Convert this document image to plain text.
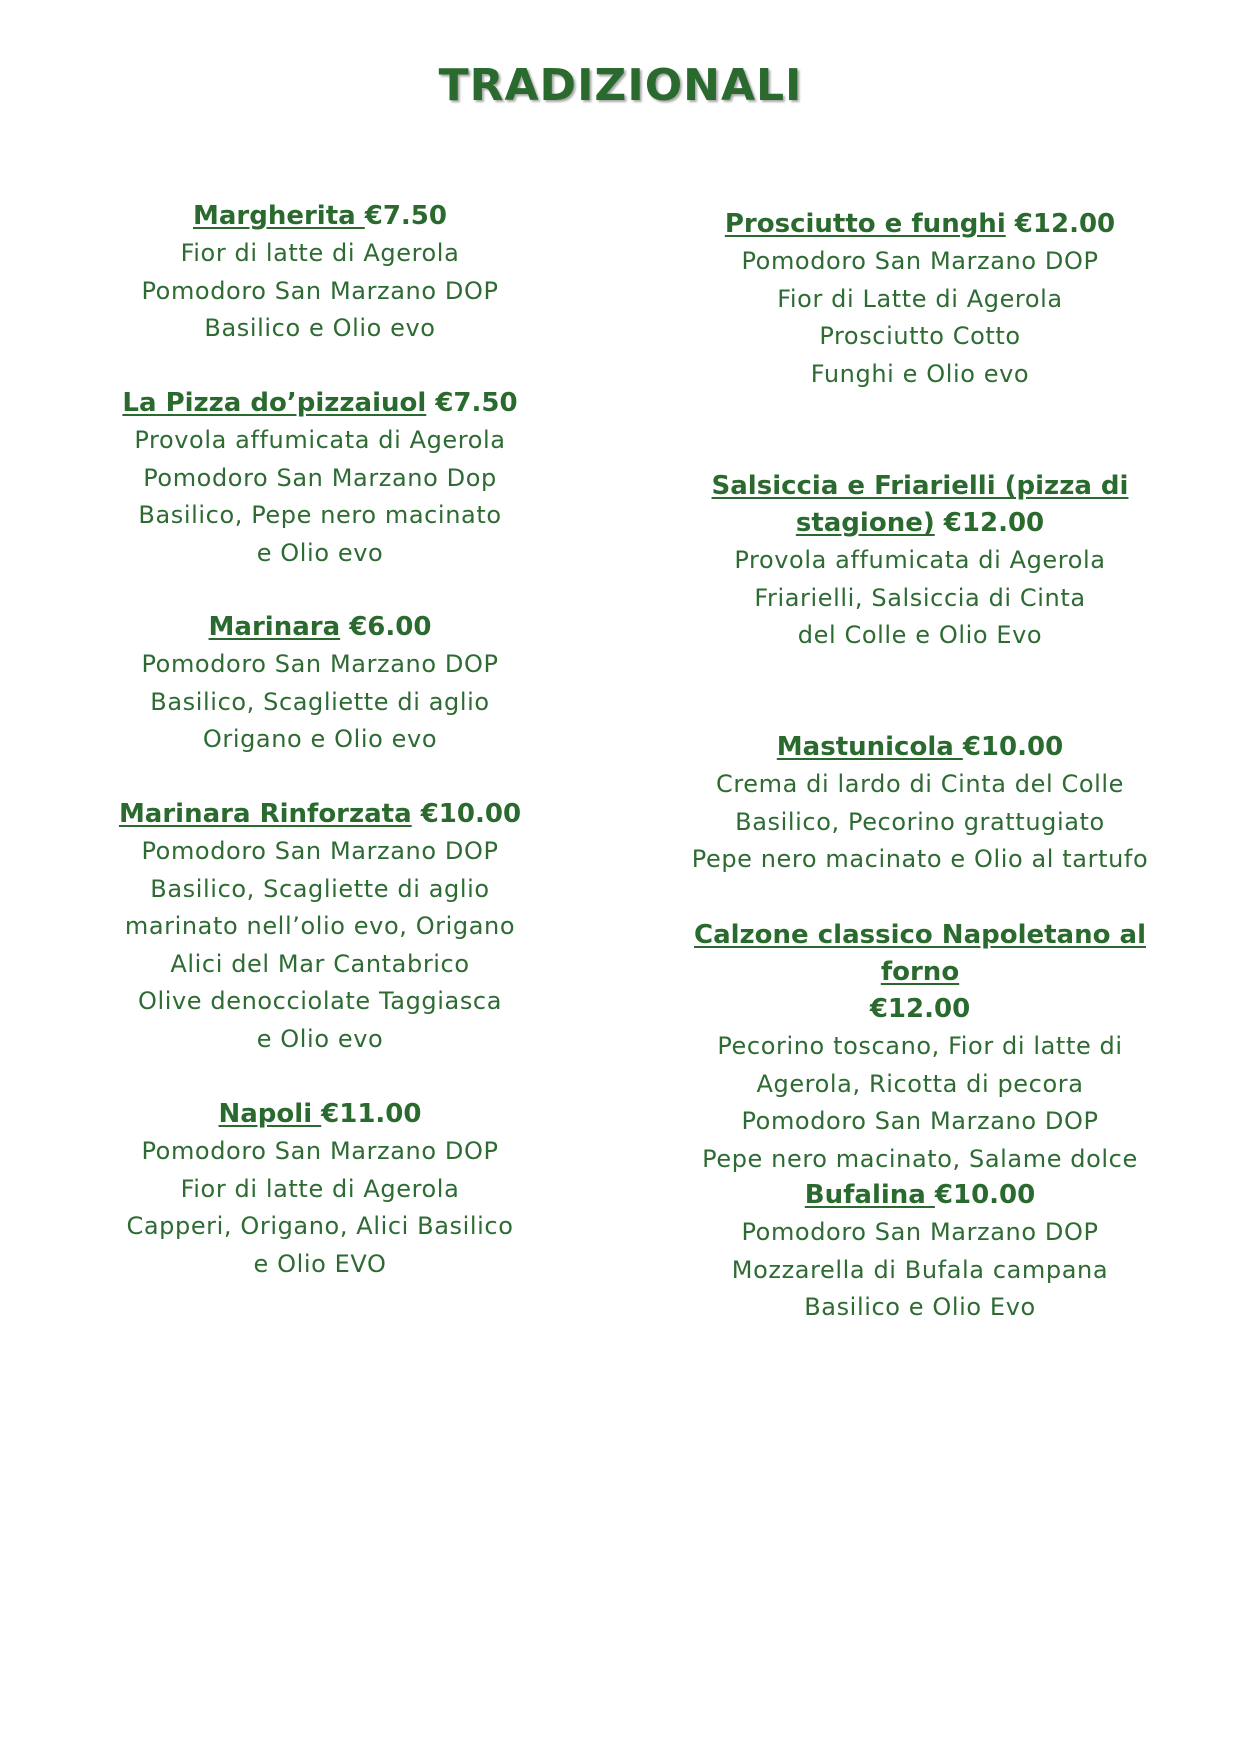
TRADIZIONALI
Margherita €7.50
Fior di latte di Agerola
Pomodoro San Marzano DOP
Basilico e Olio evo
La Pizza do’pizzaiuol €7.50
Provola affumicata di Agerola
Pomodoro San Marzano Dop
Basilico, Pepe nero macinato
e Olio evo
Marinara €6.00
Pomodoro San Marzano DOP
Basilico, Scagliette di aglio
Origano e Olio evo
Marinara Rinforzata €10.00
Pomodoro San Marzano DOP
Basilico, Scagliette di aglio
marinato nell’olio evo, Origano
Alici del Mar Cantabrico
Olive denocciolate Taggiasca
e Olio evo
Napoli €11.00
Pomodoro San Marzano DOP
Fior di latte di Agerola
Capperi, Origano, Alici Basilico
e Olio EVO
Prosciutto e funghi €12.00
Pomodoro San Marzano DOP
Fior di Latte di Agerola
Prosciutto Cotto
Funghi e Olio evo
Salsiccia e Friarielli (pizza di
stagione) €12.00
Provola affumicata di Agerola
Friarielli, Salsiccia di Cinta
del Colle e Olio Evo
Mastunicola €10.00
Crema di lardo di Cinta del Colle
Basilico, Pecorino grattugiato
Pepe nero macinato e Olio al tartufo
Calzone classico Napoletano al forno
€12.00
Pecorino toscano, Fior di latte di
Agerola, Ricotta di pecora
Pomodoro San Marzano DOP
Pepe nero macinato, Salame dolce
Bufalina €10.00
Pomodoro San Marzano DOP
Mozzarella di Bufala campana
Basilico e Olio Evo
